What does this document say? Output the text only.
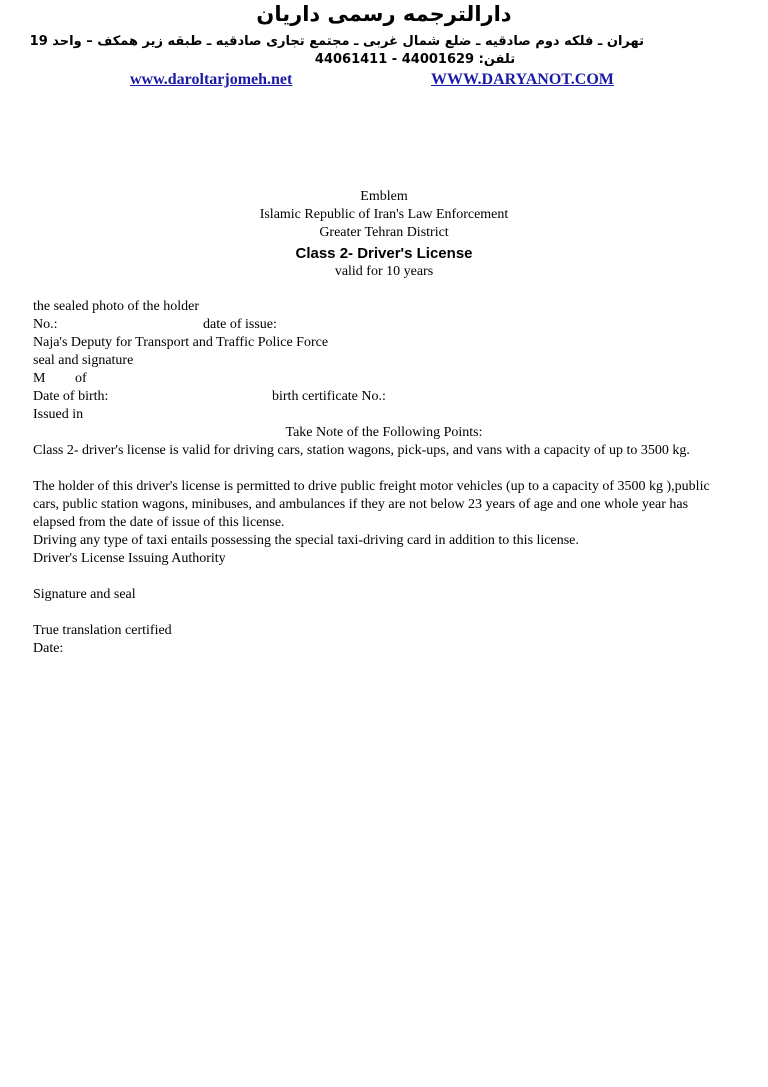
دارالترجمه رسمی داریان
تهران ـ فلکه دوم صادقیه ـ ضلع شمال غربی ـ مجتمع تجاری صادقیه ـ طبقه زیر همکف – واحد 19
تلفن: 44001629 - 44061411
www.daroltarjomeh.net	WWW.DARYANOT.COM
Emblem
Islamic Republic of Iran's Law Enforcement
Greater Tehran District
Class 2- Driver's License
valid for 10 years
the sealed photo of the holder
No.:	date of issue:
Naja's Deputy for Transport and Traffic Police Force
seal and signature
M of
Date of birth:	birth certificate No.:
Issued in
Take Note of the Following Points:
Class 2- driver's license is valid for driving cars, station wagons, pick-ups, and vans with a capacity of up to 3500 kg.
The holder of this driver's license is permitted to drive public freight motor vehicles (up to a capacity of 3500 kg ),public cars, public station wagons, minibuses, and ambulances if they are not below 23 years of age and one whole year has elapsed from the date of issue of this license.
Driving any type of taxi entails possessing the special taxi-driving card in addition to this license.
Driver's License Issuing Authority
Signature and seal
True translation certified
Date:
